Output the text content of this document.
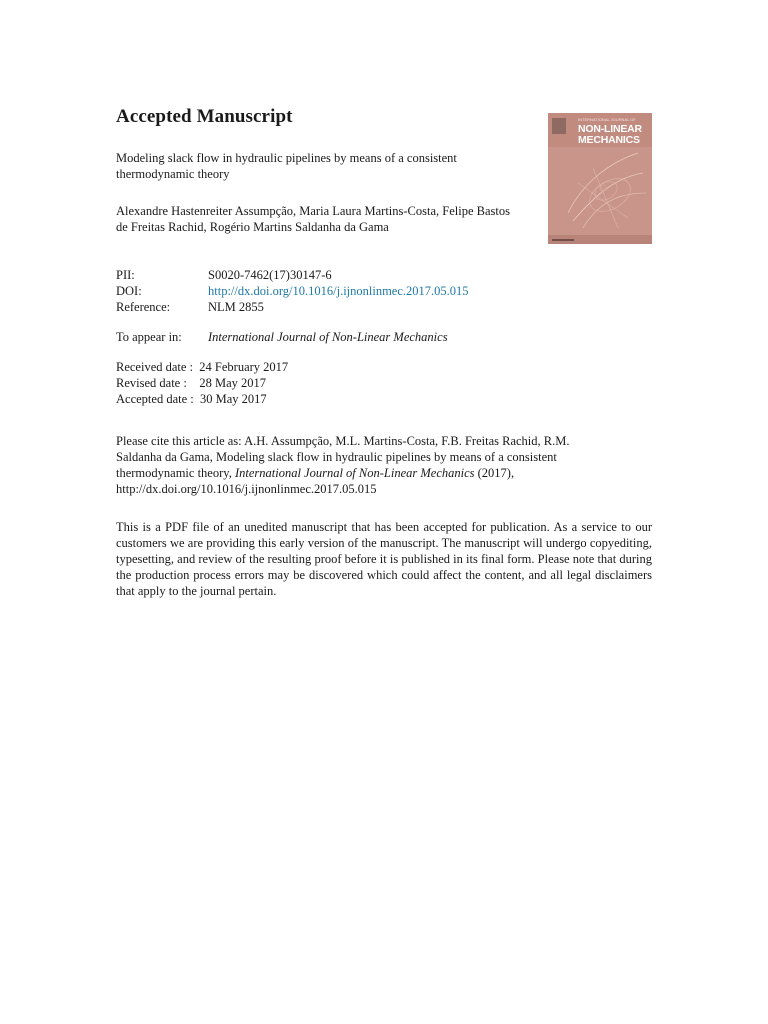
Accepted Manuscript
Modeling slack flow in hydraulic pipelines by means of a consistent thermodynamic theory
Alexandre Hastenreiter Assumpção, Maria Laura Martins-Costa, Felipe Bastos de Freitas Rachid, Rogério Martins Saldanha da Gama
INTERNATIONAL JOURNAL OF
NON-LINEAR
MECHANICS
PII:	S0020-7462(17)30147-6
DOI:	http://dx.doi.org/10.1016/j.ijnonlinmec.2017.05.015
Reference:	NLM 2855
To appear in: International Journal of Non-Linear Mechanics
Received date : 24 February 2017
Revised date : 28 May 2017
Accepted date : 30 May 2017
Please cite this article as: A.H. Assumpção, M.L. Martins-Costa, F.B. Freitas Rachid, R.M. Saldanha da Gama, Modeling slack flow in hydraulic pipelines by means of a consistent thermodynamic theory, International Journal of Non-Linear Mechanics (2017), http://dx.doi.org/10.1016/j.ijnonlinmec.2017.05.015
This is a PDF file of an unedited manuscript that has been accepted for publication. As a service to our customers we are providing this early version of the manuscript. The manuscript will undergo copyediting, typesetting, and review of the resulting proof before it is published in its final form. Please note that during the production process errors may be discovered which could affect the content, and all legal disclaimers that apply to the journal pertain.
